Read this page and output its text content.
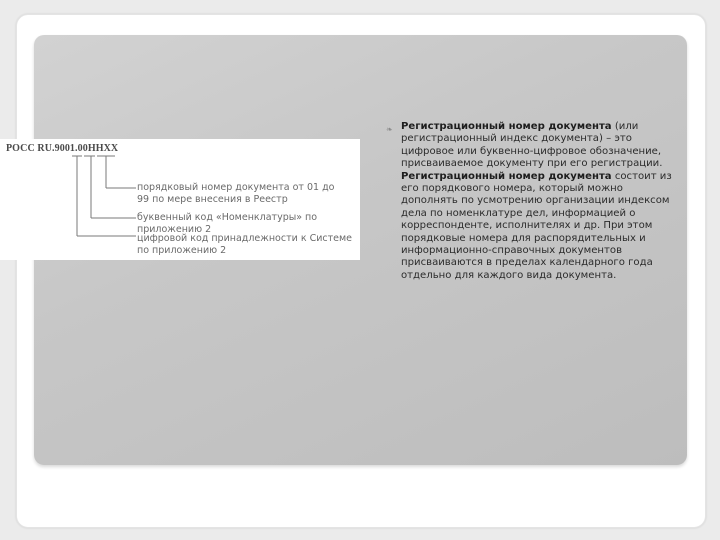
РОСС RU.9001.00ННХХ
порядковый номер документа от 01 до 99 по мере внесения в Реестр
буквенный код «Номенклатуры» по приложению 2
цифровой код принадлежности к Системе по приложению 2
❧ Регистрационный номер документа (или регистрационный индекс документа) – это цифровое или буквенно-цифровое обозначение, присваиваемое документу при его регистрации. Регистрационный номер документа состоит из его порядкового номера, который можно дополнять по усмотрению организации индексом дела по номенклатуре дел, информацией о корреспонденте, исполнителях и др. При этом порядковые номера для распорядительных и информационно-справочных документов присваиваются в пределах календарного года отдельно для каждого вида документа.
